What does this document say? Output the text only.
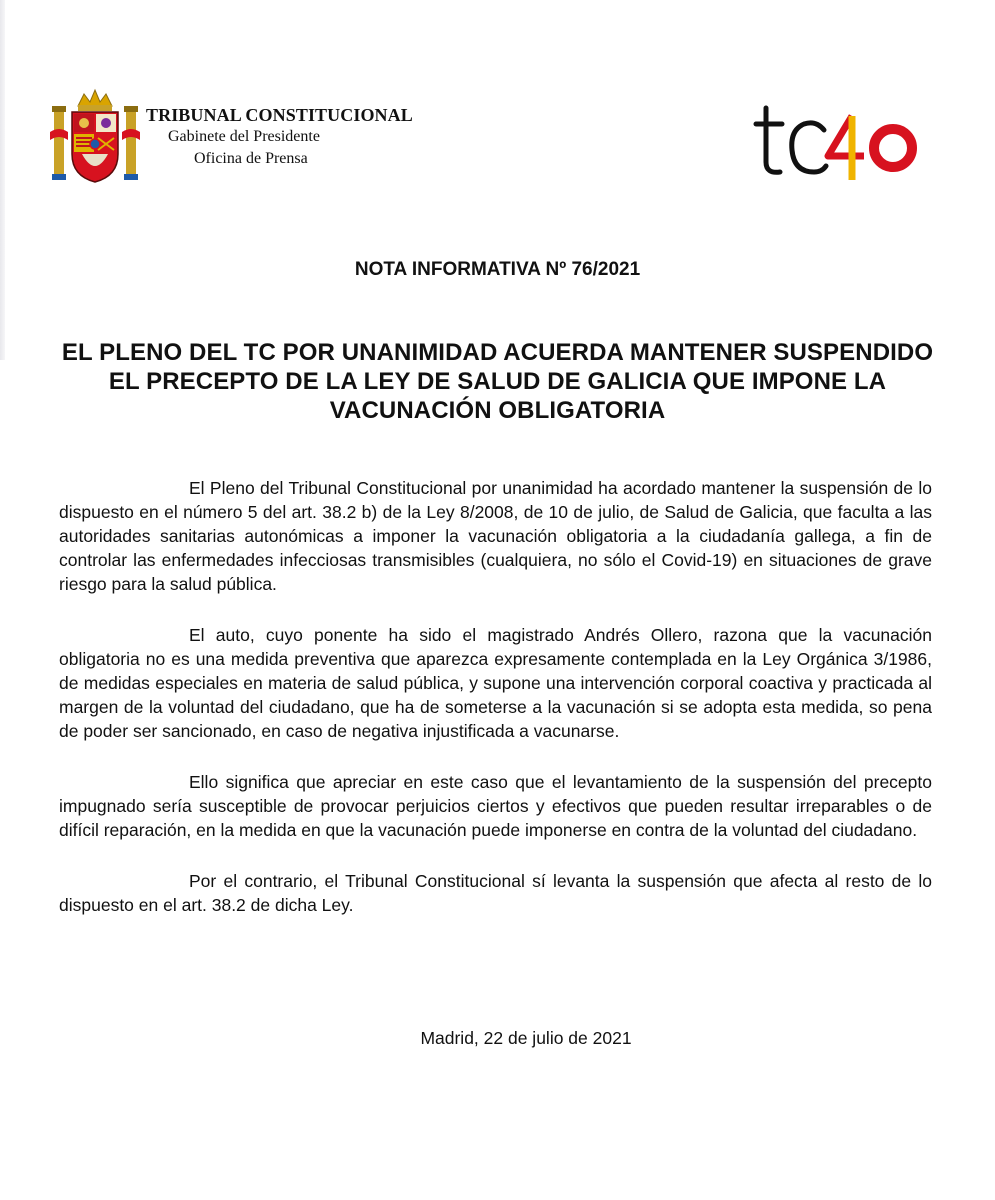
TRIBUNAL CONSTITUCIONAL
Gabinete del Presidente
Oficina de Prensa
NOTA INFORMATIVA Nº 76/2021
EL PLENO DEL TC POR UNANIMIDAD ACUERDA MANTENER SUSPENDIDO EL PRECEPTO DE LA LEY DE SALUD DE GALICIA QUE IMPONE LA VACUNACIÓN OBLIGATORIA

El Pleno del Tribunal Constitucional por unanimidad ha acordado mantener la suspensión de lo dispuesto en el número 5 del art. 38.2 b) de la Ley 8/2008, de 10 de julio, de Salud de Galicia, que faculta a las autoridades sanitarias autonómicas a imponer la vacunación obligatoria a la ciudadanía gallega, a fin de controlar las enfermedades infecciosas transmisibles (cualquiera, no sólo el Covid-19) en situaciones de grave riesgo para la salud pública.

El auto, cuyo ponente ha sido el magistrado Andrés Ollero, razona que la vacunación obligatoria no es una medida preventiva que aparezca expresamente contemplada en la Ley Orgánica 3/1986, de medidas especiales en materia de salud pública, y supone una intervención corporal coactiva y practicada al margen de la voluntad del ciudadano, que ha de someterse a la vacunación si se adopta esta medida, so pena de poder ser sancionado, en caso de negativa injustificada a vacunarse.

Ello significa que apreciar en este caso que el levantamiento de la suspensión del precepto impugnado sería susceptible de provocar perjuicios ciertos y efectivos que pueden resultar irreparables o de difícil reparación, en la medida en que la vacunación puede imponerse en contra de la voluntad del ciudadano.

Por el contrario, el Tribunal Constitucional sí levanta la suspensión que afecta al resto de lo dispuesto en el art. 38.2 de dicha Ley.

Madrid, 22 de julio de 2021
